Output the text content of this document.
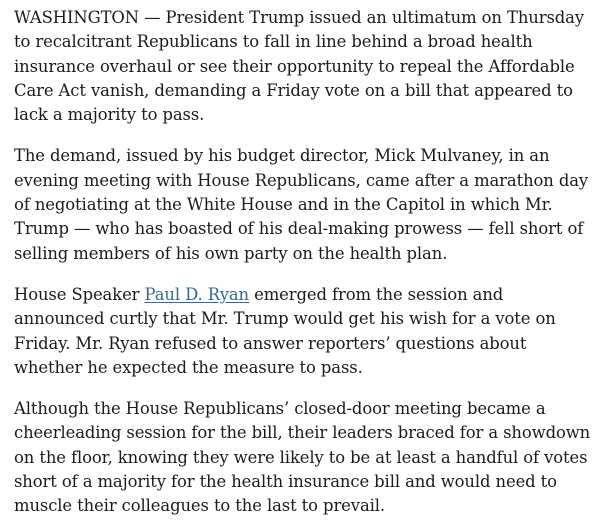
WASHINGTON — President Trump issued an ultimatum on Thursday to recalcitrant Republicans to fall in line behind a broad health insurance overhaul or see their opportunity to repeal the Affordable Care Act vanish, demanding a Friday vote on a bill that appeared to lack a majority to pass.

The demand, issued by his budget director, Mick Mulvaney, in an evening meeting with House Republicans, came after a marathon day of negotiating at the White House and in the Capitol in which Mr. Trump — who has boasted of his deal-making prowess — fell short of selling members of his own party on the health plan.

House Speaker Paul D. Ryan emerged from the session and announced curtly that Mr. Trump would get his wish for a vote on Friday. Mr. Ryan refused to answer reporters’ questions about whether he expected the measure to pass.

Although the House Republicans’ closed-door meeting became a cheerleading session for the bill, their leaders braced for a showdown on the floor, knowing they were likely to be at least a handful of votes short of a majority for the health insurance bill and would need to muscle their colleagues to the last to prevail.
